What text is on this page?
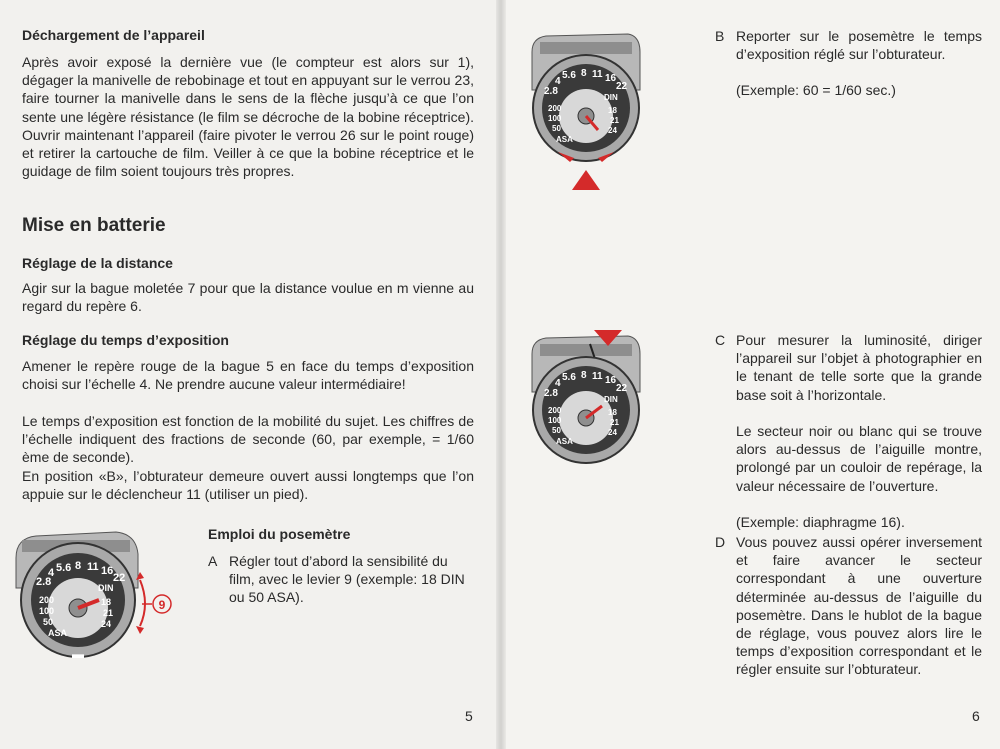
Déchargement de l’appareil

Après avoir exposé la dernière vue (le compteur est alors sur 1), dégager la manivelle de rebobinage et tout en appuyant sur le verrou 23, faire tourner la manivelle dans le sens de la flèche jusqu’à ce que l’on sente une légère résistance (le film se décroche de la bobine réceptrice). Ouvrir maintenant l’appareil (faire pivoter le verrou 26 sur le point rouge) et retirer la cartouche de film. Veiller à ce que la bobine réceptrice et le guidage de film soient toujours très propres.

Mise en batterie
Réglage de la distance

Agir sur la bague moletée 7 pour que la distance voulue en m vienne au regard du repère 6.

Réglage du temps d’exposition

Amener le repère rouge de la bague 5 en face du temps d’exposition choisi sur l’échelle 4. Ne prendre aucune valeur intermédiaire!

Le temps d’exposition est fonction de la mobilité du sujet. Les chiffres de l’échelle indiquent des fractions de seconde (60, par exemple, = 1/60 ème de seconde).

En position «B», l’obturateur demeure ouvert aussi longtemps que l’on appuie sur le déclencheur 11 (utiliser un pied).

Emploi du posemètre
A Régler tout d’abord la sensibilité du film, avec le levier 9 (exemple: 18 DIN ou 50 ASA).
▬
2.8
4 5.6 8 11 16
22
200
100
50
ASA
DIN
18
21
24
9
5
B Reporter sur le posemètre le temps d’exposition réglé sur l’obturateur.
(Exemple: 60 = 1/60 sec.)
C Pour mesurer la luminosité, diriger l’appareil sur l’objet à photographier en le tenant de telle sorte que la grande base soit à l’horizontale.
Le secteur noir ou blanc qui se trouve alors au-dessus de l’aiguille montre, prolongé par un couloir de repérage, la valeur nécessaire de l’ouverture.
(Exemple: diaphragme 16).
D Vous pouvez aussi opérer inversement et faire avancer le secteur correspondant à une ouverture déterminée au-dessus de l’aiguille du posemètre. Dans le hublot de la bague de réglage, vous pouvez alors lire le temps d’exposition correspondant et le régler ensuite sur l’obturateur.
2.8
4
5.6 8 11 16
22
200
100
50
ASA
DIN
18
21
24
2.8
4
5.6 8 11 16
22
200
100
50
ASA
DIN
18
21
24
6
